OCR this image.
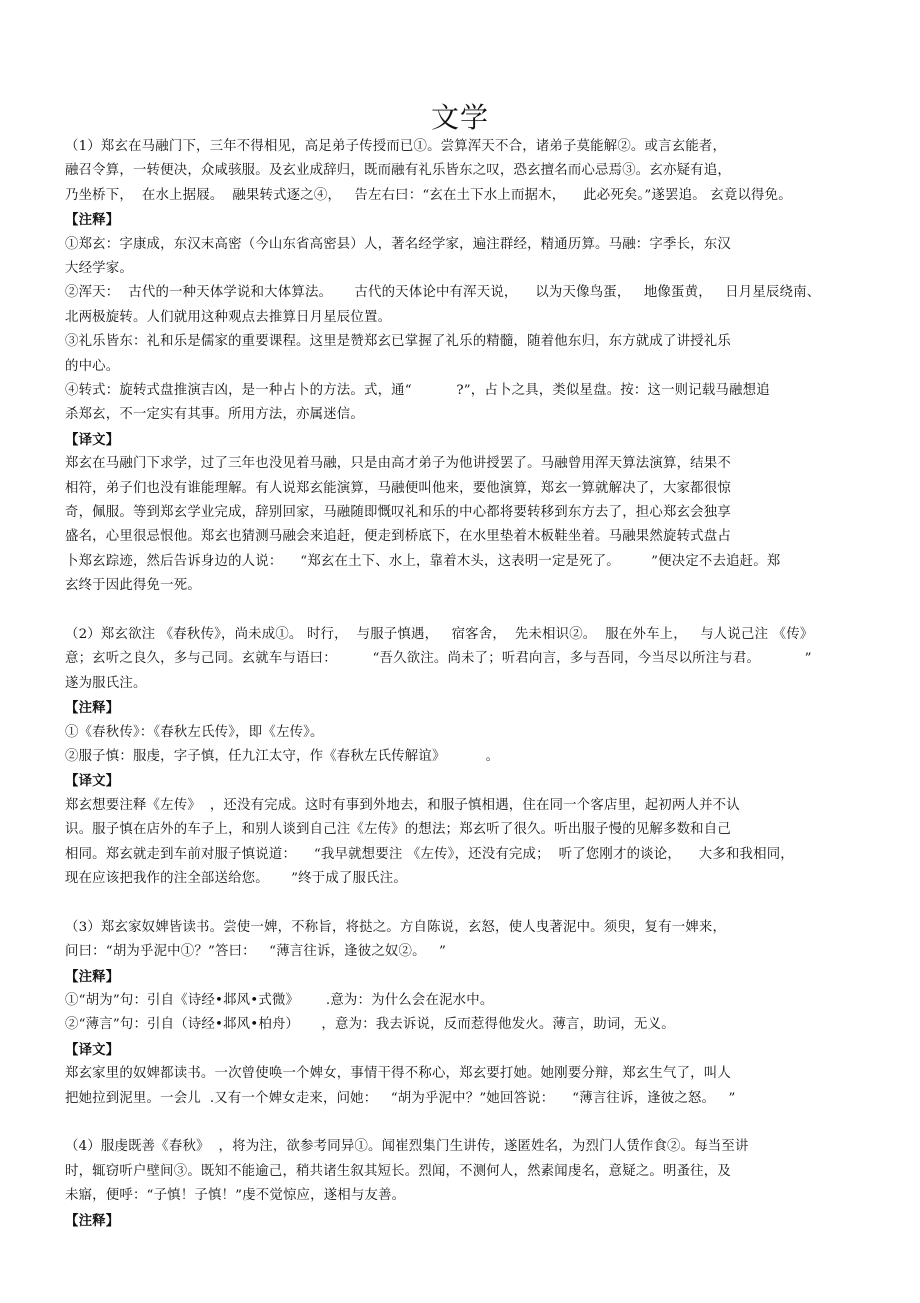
文学
（1）郑玄在马融门下，三年不得相见，高足弟子传授而已①。尝算浑天不合，诸弟子莫能解②。或言玄能者，
融召令算，一转便决，众咸骇服。及玄业成辞归，既而融有礼乐皆东之叹，恐玄擅名而心忌焉③。玄亦疑有追，
乃坐桥下，  在水上据屐。  融果转式逐之④，   告左右曰：“玄在土下水上而据木，    此必死矣。”遂罢追。 玄竟以得免。
【注释】
①郑玄：字康成，东汉末高密（今山东省高密县）人，著名经学家，遍注群经，精通历算。马融：字季长，东汉
大经学家。
②浑天：  古代的一种天体学说和大体算法。     古代的天体论中有浑天说，    以为天像鸟蛋，   地像蛋黄，   日月星辰绕南、
北两极旋转。人们就用这种观点去推算日月星辰位置。
③礼乐皆东：礼和乐是儒家的重要课程。这里是赞郑玄已掌握了礼乐的精髓，随着他东归，东方就成了讲授礼乐
的中心。
④转式：旋转式盘推演吉凶，是一种占卜的方法。式，通“          ?”，占卜之具，类似星盘。按：这一则记载马融想追
杀郑玄，不一定实有其事。所用方法，亦属迷信。
【译文】
郑玄在马融门下求学，过了三年也没见着马融，只是由高才弟子为他讲授罢了。马融曾用浑天算法演算，结果不
相符，弟子们也没有谁能理解。有人说郑玄能演算，马融便叫他来，要他演算，郑玄一算就解决了，大家都很惊
奇，佩服。等到郑玄学业完成，辞别回家，马融随即慨叹礼和乐的中心都将要转移到东方去了，担心郑玄会独享
盛名，心里很忌恨他。郑玄也猜测马融会来追赶，便走到桥底下，在水里垫着木板鞋坐着。马融果然旋转式盘占
卜郑玄踪迹，然后告诉身边的人说：    “郑玄在土下、水上，靠着木头，这表明一定是死了。       ”便决定不去追赶。郑
玄终于因此得免一死。
（2）郑玄欲注 《春秋传》，尚未成①。 时行，  与服子慎遇，   宿客舍，  先未相识②。  服在外车上，   与人说己注 《传》
意；玄听之良久，多与己同。玄就车与语曰：        “吾久欲注。尚未了；听君向言，多与吾同，今当尽以所注与君。          ”
遂为服氏注。
【注释】
①《春秋传》：《春秋左氏传》，即《左传》。
②服子慎：服虔，字子慎，任九江太守，作《春秋左氏传解谊》         。
【译文】
郑玄想要注释《左传》  ，还没有完成。这时有事到外地去，和服子慎相遇，住在同一个客店里，起初两人并不认
识。服子慎在店外的车子上，和别人谈到自己注《左传》的想法；郑玄听了很久。听出服子慢的见解多数和自己
相同。郑玄就走到车前对服子慎说道：    “我早就想要注 《左传》，还没有完成；  听了您刚才的谈论，    大多和我相同，
现在应该把我作的注全部送给您。     ”终于成了服氏注。
（3）郑玄家奴婢皆读书。尝使一婢，不称旨，将挞之。方自陈说，玄怒，使人曳著泥中。须臾，复有一婢来，
问曰：“胡为乎泥中①？”答曰：   “薄言往诉，逢彼之奴②。   ”
【注释】
①“胡为”句：引自《诗经•邶风•式微》      .意为：为什么会在泥水中。
②“薄言”句：引自（诗经•邶风•柏舟）     ，意为：我去诉说，反而惹得他发火。薄言，助词，无义。
【译文】
郑玄家里的奴婢都读书。一次曾使唤一个婢女，事情干得不称心，郑玄要打她。她刚要分辩，郑玄生气了，叫人
把她拉到泥里。一会儿  .又有一个婢女走来，问她：   “胡为乎泥中？”她回答说：    “薄言往诉，逢彼之怒。   ”
（4）服虔既善《春秋》  ，将为注，欲参考同异①。闻崔烈集门生讲传，遂匿姓名，为烈门人赁作食②。每当至讲
时，辄窃听户壁间③。既知不能逾己，稍共诸生叙其短长。烈闻，不测何人，然素闻虔名，意疑之。明蚤往，及
未寤，便呼：“子慎！子慎！”虔不觉惊应，遂相与友善。
【注释】
